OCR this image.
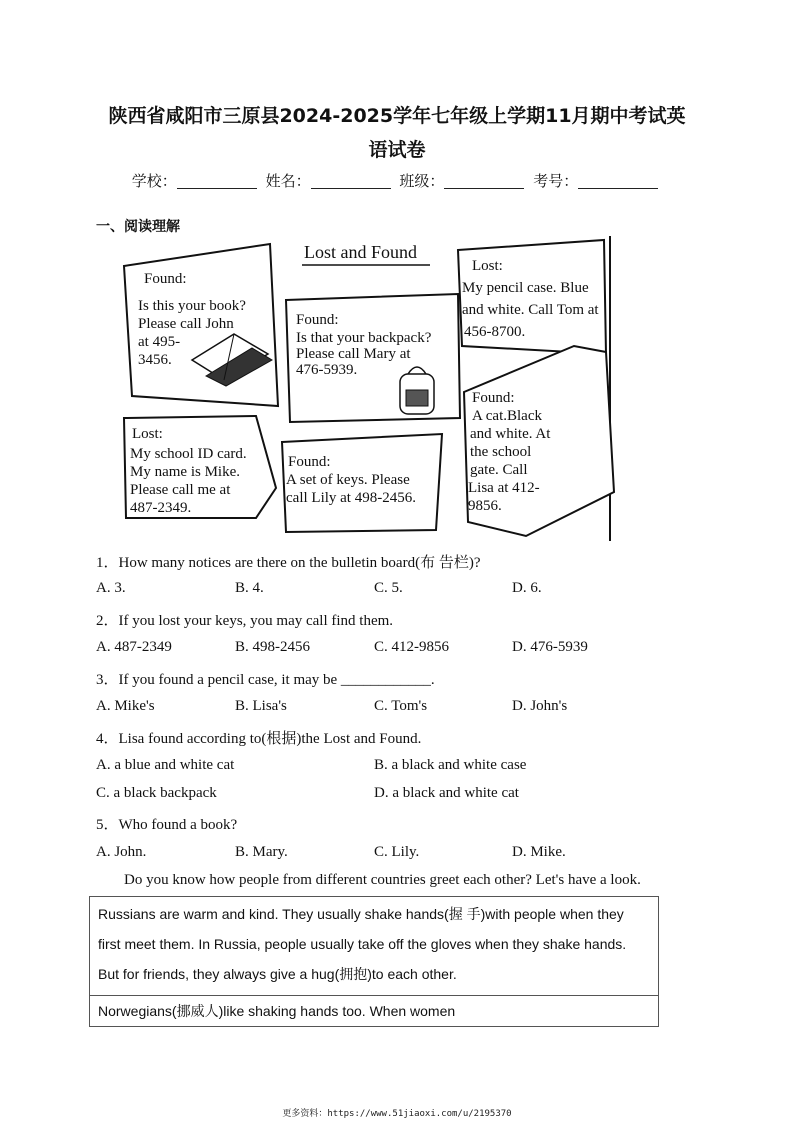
陕西省咸阳市三原县2024-2025学年七年级上学期11月期中考试英
语试卷
学校：	姓名：	班级：	考号：
一、阅读理解
Lost and Found
Found:
Is this your book?
Please call John
at 495-
3456.
Lost:
My pencil case. Blue
and white. Call Tom at
456-8700.
Found:
Is that your backpack?
Please call Mary at
476-5939.
Found:
A cat.Black
and white. At
the school
gate. Call
Lisa at 412-
9856.
Lost:
My school ID card.
My name is Mike.
Please call me at
487-2349.
Found:
A set of keys. Please
call Lily at 498-2456.
1．How many notices are there on the bulletin board(布 告栏)?
A. 3.	B. 4.	C. 5.	D. 6.
2．If you lost your keys, you may call find them.
A. 487-2349	B. 498-2456	C. 412-9856	D. 476-5939
3．If you found a pencil case, it may be ____________.
A. Mike's	B. Lisa's	C. Tom's	D. John's
4．Lisa found according to(根据)the Lost and Found.
A. a blue and white cat	B. a black and white case
C. a black backpack	D. a black and white cat
5．Who found a book?
A. John.	B. Mary.	C. Lily.	D. Mike.
Do you know how people from different countries greet each other? Let's have a look.
Russians are warm and kind. They usually shake hands(握 手)with people when they
first meet them. In Russia, people usually take off the gloves when they shake hands.
But for friends, they always give a hug(拥抱)to each other.
Norwegians(挪威人)like shaking hands too. When women
更多资料：https://www.51jiaoxi.com/u/2195370
